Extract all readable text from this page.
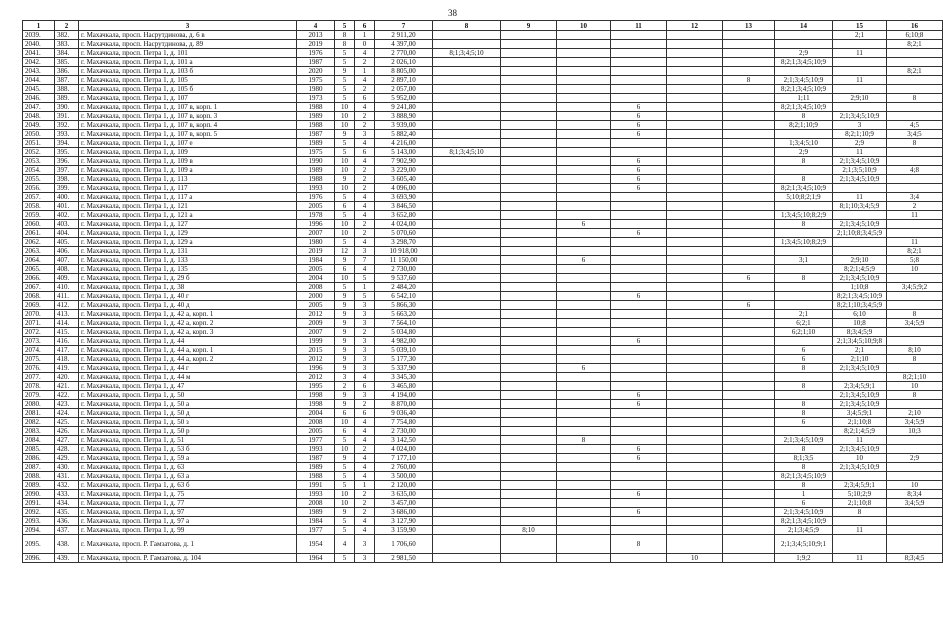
38
1	2	3	4	5	6	7	8	9	10	11	12	13	14	15	16
2039.	382.	г. Махачкала, просп. Насрутдинова, д. 6 в	2013	8	1	2 911,20								2;1	6;10;8
2040.	383.	г. Махачкала, просп. Насрутдинова, д. 89	2019	8	0	4 397,00									8;2;1
2041.	384.	г. Махачкала, просп. Петра 1, д. 101	1976	5	4	2 770,00	8;1;3;4;5;10						2;9	11	
2042.	385.	г. Махачкала, просп. Петра 1, д. 101 а	1987	5	2	2 026,10							8;2;1;3;4;5;10;9		
2043.	386.	г. Махачкала, просп. Петра 1, д. 103 б	2020	9	1	8 805,00									8;2;1
2044.	387.	г. Махачкала, просп. Петра 1, д. 105	1975	5	4	2 897,10						8	2;1;3;4;5;10;9	11	
2045.	388.	г. Махачкала, просп. Петра 1, д. 105 б	1980	5	2	2 057,00							8;2;1;3;4;5;10;9		
2046.	389.	г. Махачкала, просп. Петра 1, д. 107	1973	5	6	5 952,00							1;11	2;9;10	8
2047.	390.	г. Махачкала, просп. Петра 1, д. 107 в, корп. 1	1988	10	4	9 241,80				6			8;2;1;3;4;5;10;9		
2048.	391.	г. Махачкала, просп. Петра 1, д. 107 в, корп. 3	1989	10	2	3 888,90				6			8	2;1;3;4;5;10;9	
2049.	392.	г. Махачкала, просп. Петра 1, д. 107 в, корп. 4	1988	10	2	3 939,00				6			8;2;1;10;9	3	4;5
2050.	393.	г. Махачкала, просп. Петра 1, д. 107 в, корп. 5	1987	9	3	5 882,40				6				8;2;1;10;9	3;4;5
2051.	394.	г. Махачкала, просп. Петра 1, д. 107 е	1989	5	4	4 216,00							1;3;4;5;10	2;9	8
2052.	395.	г. Махачкала, просп. Петра 1, д. 109	1975	5	6	5 143,00	8;1;3;4;5;10						2;9	11	
2053.	396.	г. Махачкала, просп. Петра 1, д. 109 в	1990	10	4	7 902,90				6			8	2;1;3;4;5;10;9	
2054.	397.	г. Махачкала, просп. Петра 1, д. 109 а	1989	10	2	3 229,00				6				2;1;3;5;10;9	4;8
2055.	398.	г. Махачкала, просп. Петра 1, д. 113	1988	9	2	3 605,40				6			8	2;1;3;4;5;10;9	
2056.	399.	г. Махачкала, просп. Петра 1, д. 117	1993	10	2	4 096,00				6			8;2;1;3;4;5;10;9		
2057.	400.	г. Махачкала, просп. Петра 1, д. 117 а	1976	5	4	3 693,90							5;10;8;2;1;9	11	3;4
2058.	401.	г. Махачкала, просп. Петра 1, д. 121	2005	6	4	3 846,50								8;1;10;3;4;5;9	2
2059.	402.	г. Махачкала, просп. Петра 1, д. 121 а	1978	5	4	3 652,80							1;3;4;5;10;8;2;9		11
2060.	403.	г. Махачкала, просп. Петра 1, д. 127	1996	10	2	4 024,00			6				8	2;1;3;4;5;10;9	
2061.	404.	г. Махачкала, просп. Петра 1, д. 129	2007	10	2	5 070,60				6				2;1;10;8;3;4;5;9	
2062.	405.	г. Махачкала, просп. Петра 1, д. 129 а	1980	5	4	3 298,70							1;3;4;5;10;8;2;9		11
2063.	406.	г. Махачкала, просп. Петра 1, д. 131	2019	12	3	10 918,00									8;2;1
2064.	407.	г. Махачкала, просп. Петра 1, д. 133	1984	9	7	11 150,00			6				3;1	2;9;10	5;8
2065.	408.	г. Махачкала, просп. Петра 1, д. 135	2005	6	4	2 730,00								8;2;1;4;5;9	10
2066.	409.	г. Махачкала, просп. Петра 1, д. 29 б	2004	10	5	9 537,60						6	8	2;1;3;4;5;10;9	
2067.	410.	г. Махачкала, просп. Петра 1, д. 38	2008	5	1	2 484,20								1;10;8	3;4;5;9;2
2068.	411.	г. Махачкала, просп. Петра 1, д. 40 г	2000	9	5	6 542,10				6				8;2;1;3;4;5;10;9	
2069.	412.	г. Махачкала, просп. Петра 1, д. 40 д	2005	9	3	5 866,30						6		8;2;1;10;3;4;5;9	
2070.	413.	г. Махачкала, просп. Петра 1, д. 42 а, корп. 1	2012	9	3	5 663,20							2;1	6;10	8
2071.	414.	г. Махачкала, просп. Петра 1, д. 42 а, корп. 2	2009	9	3	7 564,10							6;2;1	10;8	3;4;5;9
2072.	415.	г. Махачкала, просп. Петра 1, д. 42 а, корп. 3	2007	9	2	5 034,80							6;2;1;10	8;3;4;5;9	
2073.	416.	г. Махачкала, просп. Петра 1, д. 44	1999	9	3	4 982,00				6				2;1;3;4;5;10;9;8	
2074.	417.	г. Махачкала, просп. Петра 1, д. 44 а, корп. 1	2015	9	3	5 039,10							6	2;1	8;10
2075.	418.	г. Махачкала, просп. Петра 1, д. 44 а, корп. 2	2012	9	3	5 177,30							6	2;1;10	8
2076.	419.	г. Махачкала, просп. Петра 1, д. 44 г	1996	9	3	5 337,90			6				8	2;1;3;4;5;10;9	
2077.	420.	г. Махачкала, просп. Петра 1, д. 44 м	2012	3	4	3 345,30									8;2;1;10
2078.	421.	г. Махачкала, просп. Петра 1, д. 47	1995	2	6	3 465,80							8	2;3;4;5;9;1	10
2079.	422.	г. Махачкала, просп. Петра 1, д. 50	1998	9	3	4 194,00				6				2;1;3;4;5;10;9	8
2080.	423.	г. Махачкала, просп. Петра 1, д. 50 а	1998	9	2	8 870,00				6			8	2;1;3;4;5;10;9	
2081.	424.	г. Махачкала, просп. Петра 1, д. 50 д	2004	6	6	9 036,40							8	3;4;5;9;1	2;10
2082.	425.	г. Махачкала, просп. Петра 1, д. 50 з	2008	10	4	7 754,80							6	2;1;10;8	3;4;5;9
2083.	426.	г. Махачкала, просп. Петра 1, д. 50 р	2005	6	4	2 730,00								8;2;1;4;5;9	10;3
2084.	427.	г. Махачкала, просп. Петра 1, д. 51	1977	5	4	3 142,50			8				2;1;3;4;5;10;9	11	
2085.	428.	г. Махачкала, просп. Петра 1, д. 53 б	1993	10	2	4 024,00				6			8	2;1;3;4;5;10;9	
2086.	429.	г. Махачкала, просп. Петра 1, д. 59 а	1987	9	4	7 177,10				6			8;1;3;5	10	2;9
2087.	430.	г. Махачкала, просп. Петра 1, д. 63	1989	5	4	2 760,00							8	2;1;3;4;5;10;9	
2088.	431.	г. Махачкала, просп. Петра 1, д. 63 а	1988	5	4	3 500,00							8;2;1;3;4;5;10;9		
2089.	432.	г. Махачкала, просп. Петра 1, д. 63 б	1991	5	1	2 120,00							8	2;3;4;5;9;1	10
2090.	433.	г. Махачкала, просп. Петра 1, д. 75	1993	10	2	3 635,00				6			1	5;10;2;9	8;3;4
2091.	434.	г. Махачкала, просп. Петра 1, д. 77	2008	10	2	3 457,00							6	2;1;10;8	3;4;5;9
2092.	435.	г. Махачкала, просп. Петра 1, д. 97	1989	9	2	3 686,00				6			2;1;3;4;5;10;9	8	
2093.	436.	г. Махачкала, просп. Петра 1, д. 97 а	1984	5	4	3 127,90							8;2;1;3;4;5;10;9		
2094.	437.	г. Махачкала, просп. Петра 1, д. 99	1977	5	4	3 159,90		8;10					2;1;3;4;5;9	11	
2095.	438.	г. Махачкала, просп. Р. Гамзатова, д. 1	1954	4	3	1 706,60				8			2;1;3;4;5;10;9;1		
2096.	439.	г. Махачкала, просп. Р. Гамзатова, д. 104	1964	5	3	2 981,50					10		1;9;2	11	8;3;4;5
